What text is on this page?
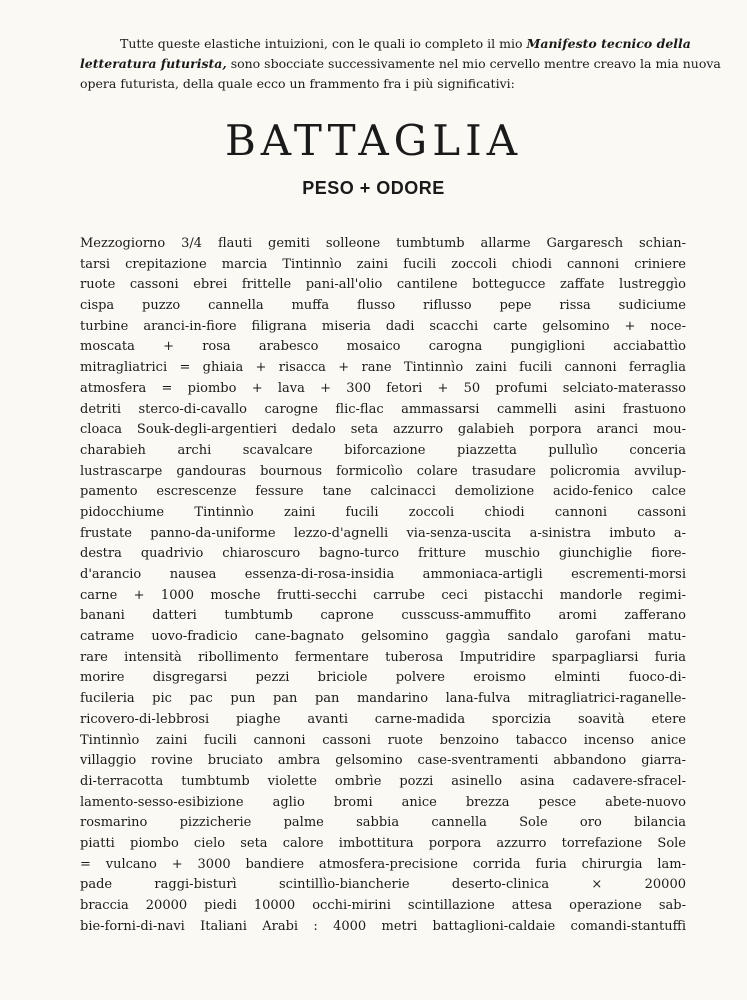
Tutte queste elastiche intuizioni, con le quali io completo il mio Manifesto tecnico della
letteratura futurista, sono sbocciate successivamente nel mio cervello mentre creavo la mia nuova
opera futurista, della quale ecco un frammento fra i più significativi:
BATTAGLIA
PESO + ODORE
Mezzogiorno 3/4 flauti gemiti solleone tumbtumb allarme Gargaresch schian-
tarsi crepitazione marcia Tintinnìo zaini fucili zoccoli chiodi cannoni criniere
ruote cassoni ebrei frittelle pani-all'olio cantilene bottegucce zaffate lustreggìo
cispa puzzo cannella muffa flusso riflusso pepe rissa sudiciume
turbine aranci-in-fiore filigrana miseria dadi scacchi carte gelsomino + noce-
moscata + rosa arabesco mosaico carogna pungiglioni acciabattìo
mitragliatrici = ghiaia + risacca + rane Tintinnìo zaini fucili cannoni ferraglia
atmosfera = piombo + lava + 300 fetori + 50 profumi selciato-materasso
detriti sterco-di-cavallo carogne flic-flac ammassarsi cammelli asini frastuono
cloaca Souk-degli-argentieri dedalo seta azzurro galabieh porpora aranci mou-
charabieh archi scavalcare biforcazione piazzetta pullulìo conceria
lustrascarpe gandouras bournous formicolìo colare trasudare policromia avvilup-
pamento escrescenze fessure tane calcinacci demolizione acido-fenico calce
pidocchiume Tintinnìo zaini fucili zoccoli chiodi cannoni cassoni
frustate panno-da-uniforme lezzo-d'agnelli via-senza-uscita a-sinistra imbuto a-
destra quadrivio chiaroscuro bagno-turco fritture muschio giunchiglie fiore-
d'arancio nausea essenza-di-rosa-insidia ammoniaca-artigli escrementi-morsi
carne + 1000 mosche frutti-secchi carrube ceci pistacchi mandorle regimi-
banani datteri tumbtumb caprone cusscuss-ammuffito aromi zafferano
catrame uovo-fradicio cane-bagnato gelsomino gaggìa sandalo garofani matu-
rare intensità ribollimento fermentare tuberosa Imputridire sparpagliarsi furia
morire disgregarsi pezzi briciole polvere eroismo elminti fuoco-di-
fucileria pic pac pun pan pan mandarino lana-fulva mitragliatrici-raganelle-
ricovero-di-lebbrosi piaghe avanti carne-madida sporcizia soavità etere
Tintinnìo zaini fucili cannoni cassoni ruote benzoino tabacco incenso anice
villaggio rovine bruciato ambra gelsomino case-sventramenti abbandono giarra-
di-terracotta tumbtumb violette ombrìe pozzi asinello asina cadavere-sfracel-
lamento-sesso-esibizione aglio bromi anice brezza pesce abete-nuovo
rosmarino pizzicherie palme sabbia cannella Sole oro bilancia
piatti piombo cielo seta calore imbottitura porpora azzurro torrefazione Sole
= vulcano + 3000 bandiere atmosfera-precisione corrida furia chirurgia lam-
pade raggi-bisturì scintillìo-biancherie deserto-clinica × 20000
braccia 20000 piedi 10000 occhi-mirini scintillazione attesa operazione sab-
bie-forni-di-navi Italiani Arabi : 4000 metri battaglioni-caldaie comandi-stantuffi
